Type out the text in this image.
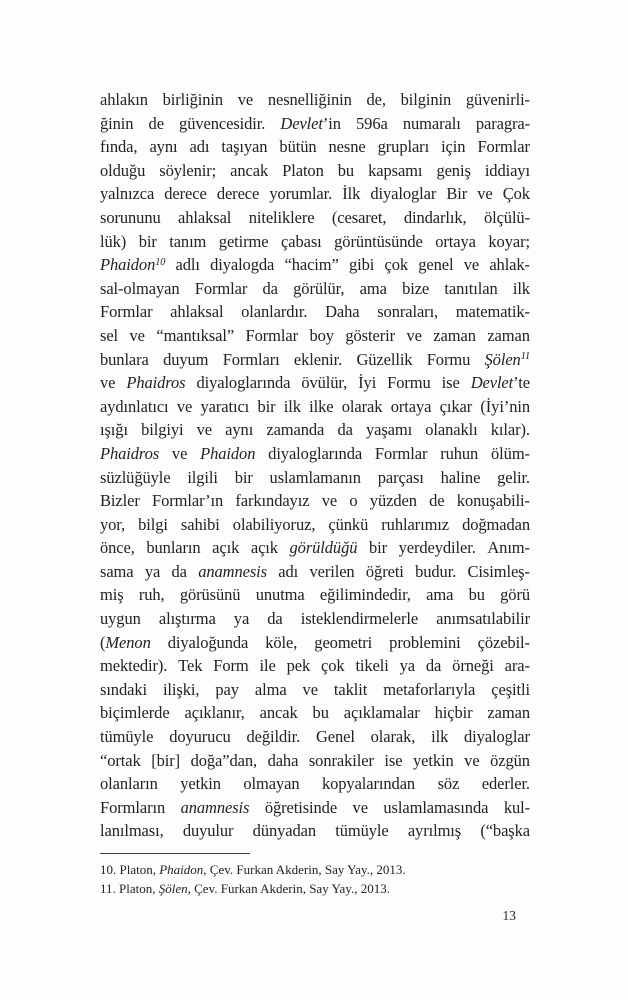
ahlakın birliğinin ve nesnelliğinin de, bilginin güvenirli-
ğinin de güvencesidir. Devlet’in 596a numaralı paragra-
fında, aynı adı taşıyan bütün nesne grupları için Formlar
olduğu söylenir; ancak Platon bu kapsamı geniş iddiayı
yalnızca derece derece yorumlar. İlk diyaloglar Bir ve Çok
sorununu ahlaksal niteliklere (cesaret, dindarlık, ölçülü-
lük) bir tanım getirme çabası görüntüsünde ortaya koyar;
Phaidon$^{10}$ adlı diyalogda “hacim” gibi çok genel ve ahlak-
sal-olmayan Formlar da görülür, ama bize tanıtılan ilk
Formlar ahlaksal olanlardır. Daha sonraları, matematik-
sel ve “mantıksal” Formlar boy gösterir ve zaman zaman
bunlara duyum Formları eklenir. Güzellik Formu Şölen$^{11}$
ve Phaidros diyaloglarında övülür, İyi Formu ise Devlet’te
aydınlatıcı ve yaratıcı bir ilk ilke olarak ortaya çıkar (İyi’nin
ışığı bilgiyi ve aynı zamanda da yaşamı olanaklı kılar).
Phaidros ve Phaidon diyaloglarında Formlar ruhun ölüm-
süzlüğüyle ilgili bir uslamlamanın parçası haline gelir.
Bizler Formlar’ın farkındayız ve o yüzden de konuşabili-
yor, bilgi sahibi olabiliyoruz, çünkü ruhlarımız doğmadan
önce, bunların açık açık görüldüğü bir yerdeydiler. Anım-
sama ya da anamnesis adı verilen öğreti budur. Cisimleş-
miş ruh, görüsünü unutma eğilimindedir, ama bu görü
uygun alıştırma ya da isteklendirmelerle anımsatılabilir
(Menon diyaloğunda köle, geometri problemini çözebil-
mektedir). Tek Form ile pek çok tikeli ya da örneği ara-
sındaki ilişki, pay alma ve taklit metaforlarıyla çeşitli
biçimlerde açıklanır, ancak bu açıklamalar hiçbir zaman
tümüyle doyurucu değildir. Genel olarak, ilk diyaloglar
“ortak [bir] doğa”dan, daha sonrakiler ise yetkin ve özgün
olanların yetkin olmayan kopyalarından söz ederler.
Formların anamnesis öğretisinde ve uslamlamasında kul-
lanılması, duyulur dünyadan tümüyle ayrılmış (“başka
10. Platon, Phaidon, Çev. Furkan Akderin, Say Yay., 2013.
11. Platon, Şölen, Çev. Furkan Akderin, Say Yay., 2013.
13
